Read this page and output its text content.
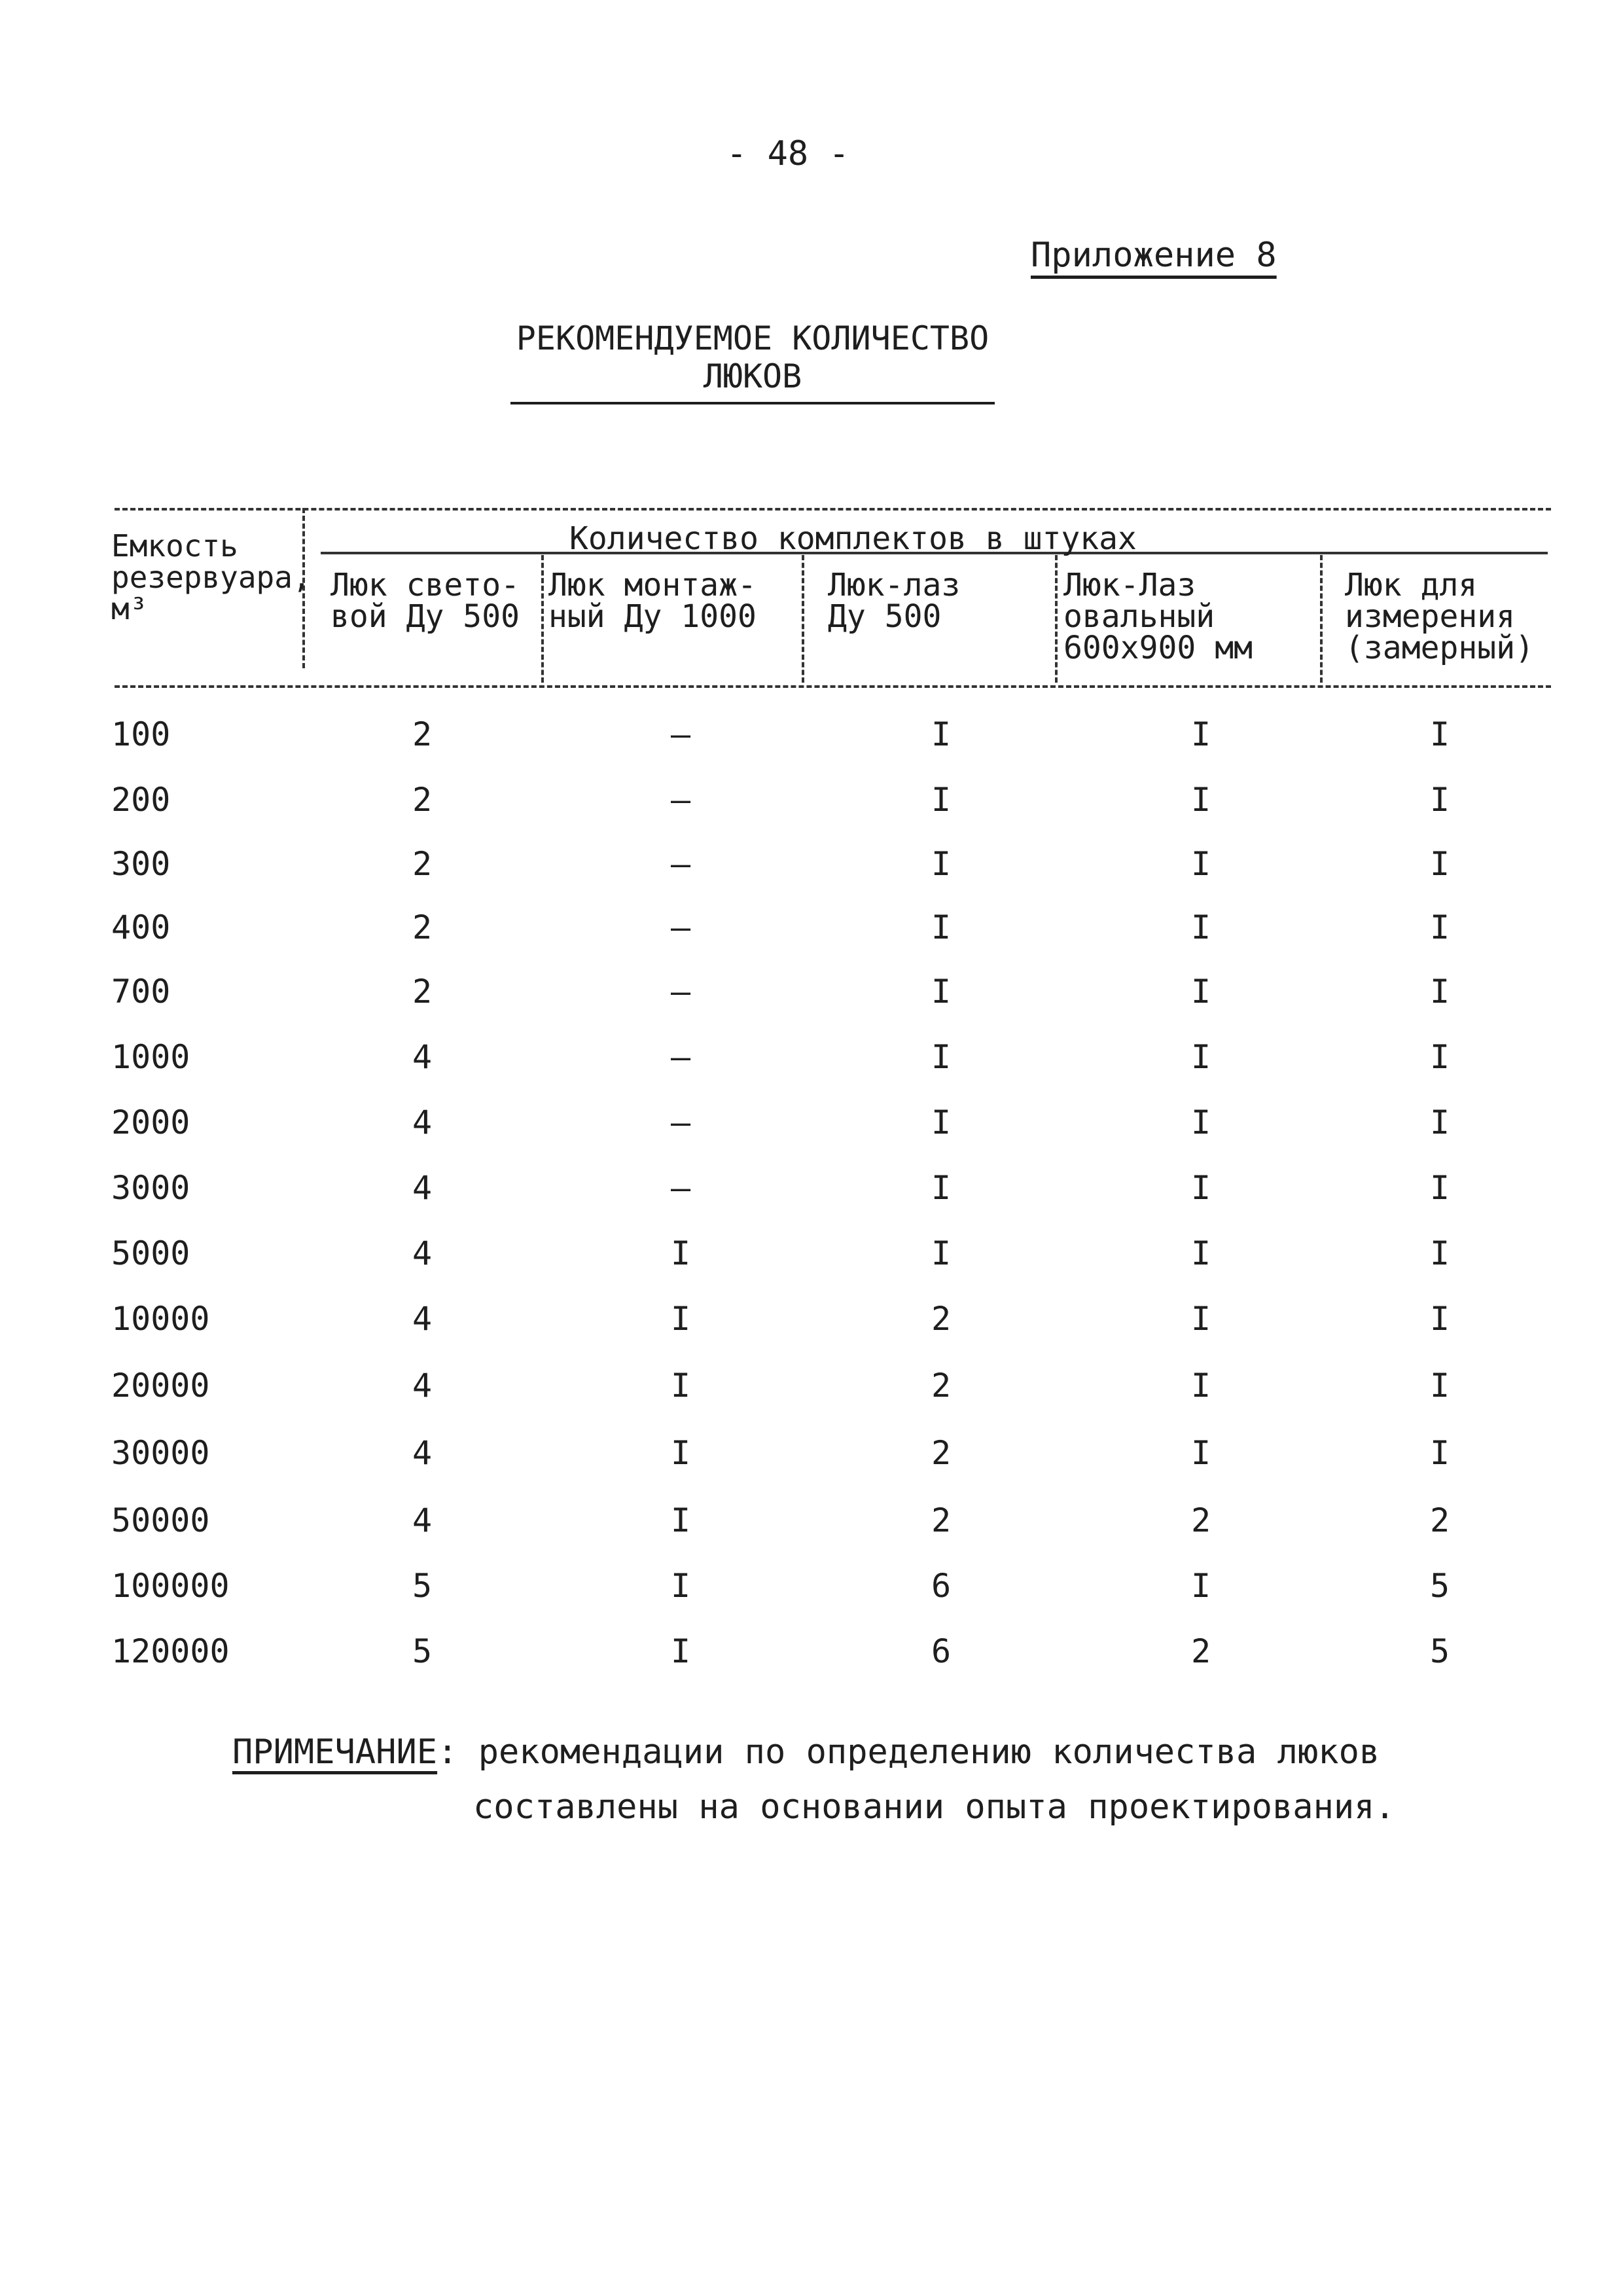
- 48 -
Приложение 8
РЕКОМЕНДУЕМОЕ КОЛИЧЕСТВО
ЛЮКОВ
Емкость
резервуара,
м³
Количество комплектов в штуках
Люк свето-
вой Ду 500
Люк монтаж-
ный Ду 1000
Люк-лаз
Ду 500
Люк-Лаз
овальный
600х900 мм
Люк для
измерения
(замерный)
100	2	–	I	I	I
200	2	–	I	I	I
300	2	–	I	I	I
400	2	–	I	I	I
700	2	–	I	I	I
1000	4	–	I	I	I
2000	4	–	I	I	I
3000	4	–	I	I	I
5000	4	I	I	I	I
10000	4	I	2	I	I
20000	4	I	2	I	I
30000	4	I	2	I	I
50000	4	I	2	2	2
100000	5	I	6	I	5
120000	5	I	6	2	5
ПРИМЕЧАНИЕ: рекомендации по определению количества люков
составлены на основании опыта проектирования.
